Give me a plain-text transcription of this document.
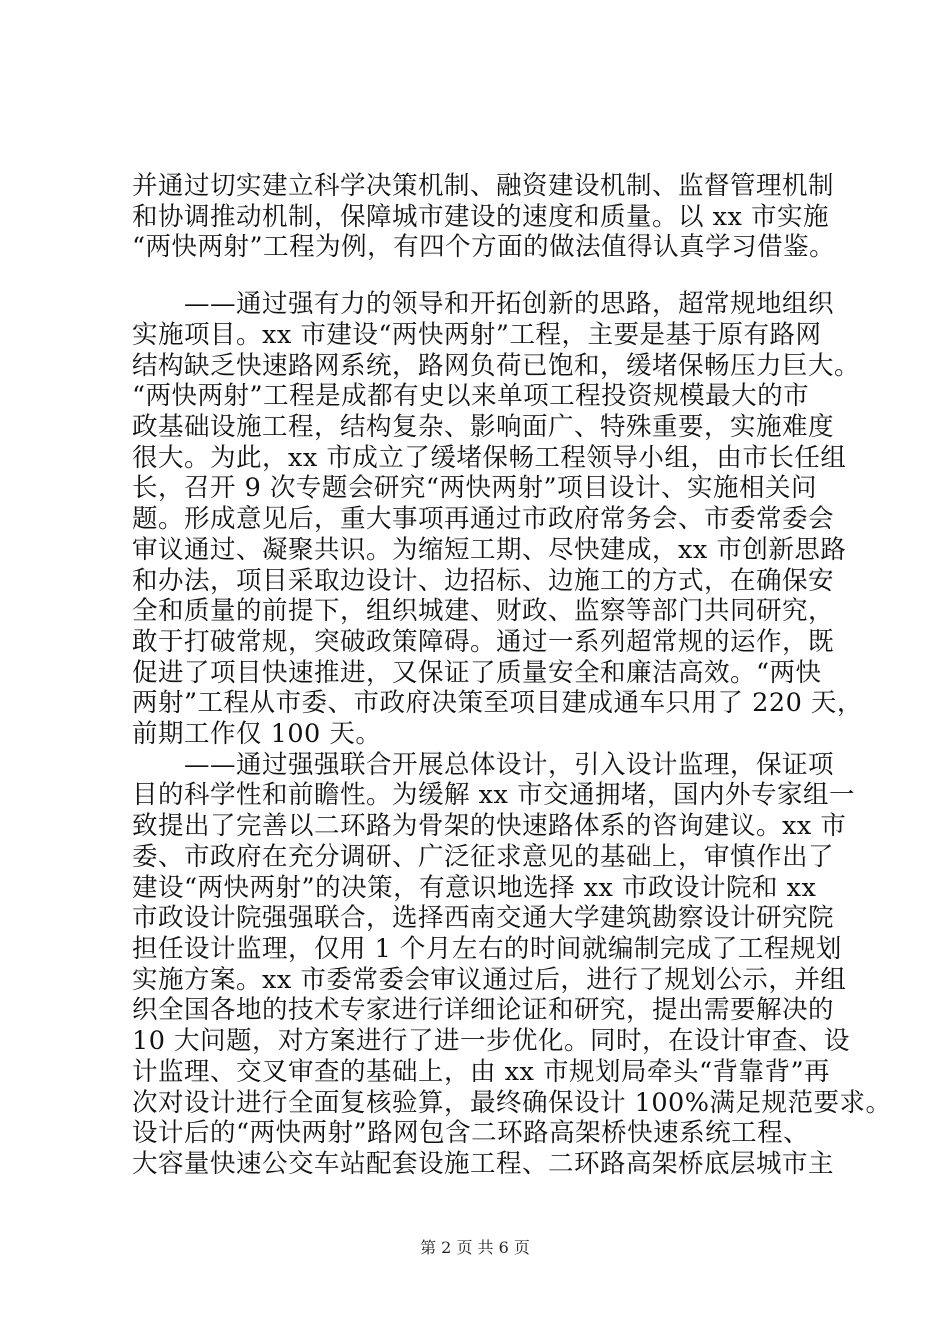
并通过切实建立科学决策机制、融资建设机制、监督管理机制
和协调推动机制，保障城市建设的速度和质量。以 xx 市实施
“两快两射”工程为例，有四个方面的做法值得认真学习借鉴。
　　——通过强有力的领导和开拓创新的思路，超常规地组织
实施项目。xx 市建设“两快两射”工程，主要是基于原有路网
结构缺乏快速路网系统，路网负荷已饱和，缓堵保畅压力巨大。
“两快两射”工程是成都有史以来单项工程投资规模最大的市
政基础设施工程，结构复杂、影响面广、特殊重要，实施难度
很大。为此，xx 市成立了缓堵保畅工程领导小组，由市长任组
长，召开 9 次专题会研究“两快两射”项目设计、实施相关问
题。形成意见后，重大事项再通过市政府常务会、市委常委会
审议通过、凝聚共识。为缩短工期、尽快建成，xx 市创新思路
和办法，项目采取边设计、边招标、边施工的方式，在确保安
全和质量的前提下，组织城建、财政、监察等部门共同研究，
敢于打破常规，突破政策障碍。通过一系列超常规的运作，既
促进了项目快速推进，又保证了质量安全和廉洁高效。“两快
两射”工程从市委、市政府决策至项目建成通车只用了 220 天，
前期工作仅 100 天。
　　——通过强强联合开展总体设计，引入设计监理，保证项
目的科学性和前瞻性。为缓解 xx 市交通拥堵，国内外专家组一
致提出了完善以二环路为骨架的快速路体系的咨询建议。xx 市
委、市政府在充分调研、广泛征求意见的基础上，审慎作出了
建设“两快两射”的决策，有意识地选择 xx 市政设计院和 xx
市政设计院强强联合，选择西南交通大学建筑勘察设计研究院
担任设计监理，仅用 1 个月左右的时间就编制完成了工程规划
实施方案。xx 市委常委会审议通过后，进行了规划公示，并组
织全国各地的技术专家进行详细论证和研究，提出需要解决的
10 大问题，对方案进行了进一步优化。同时，在设计审查、设
计监理、交叉审查的基础上，由 xx 市规划局牵头“背靠背”再
次对设计进行全面复核验算，最终确保设计 100%满足规范要求。
设计后的“两快两射”路网包含二环路高架桥快速系统工程、
大容量快速公交车站配套设施工程、二环路高架桥底层城市主
第 2 页 共 6 页
